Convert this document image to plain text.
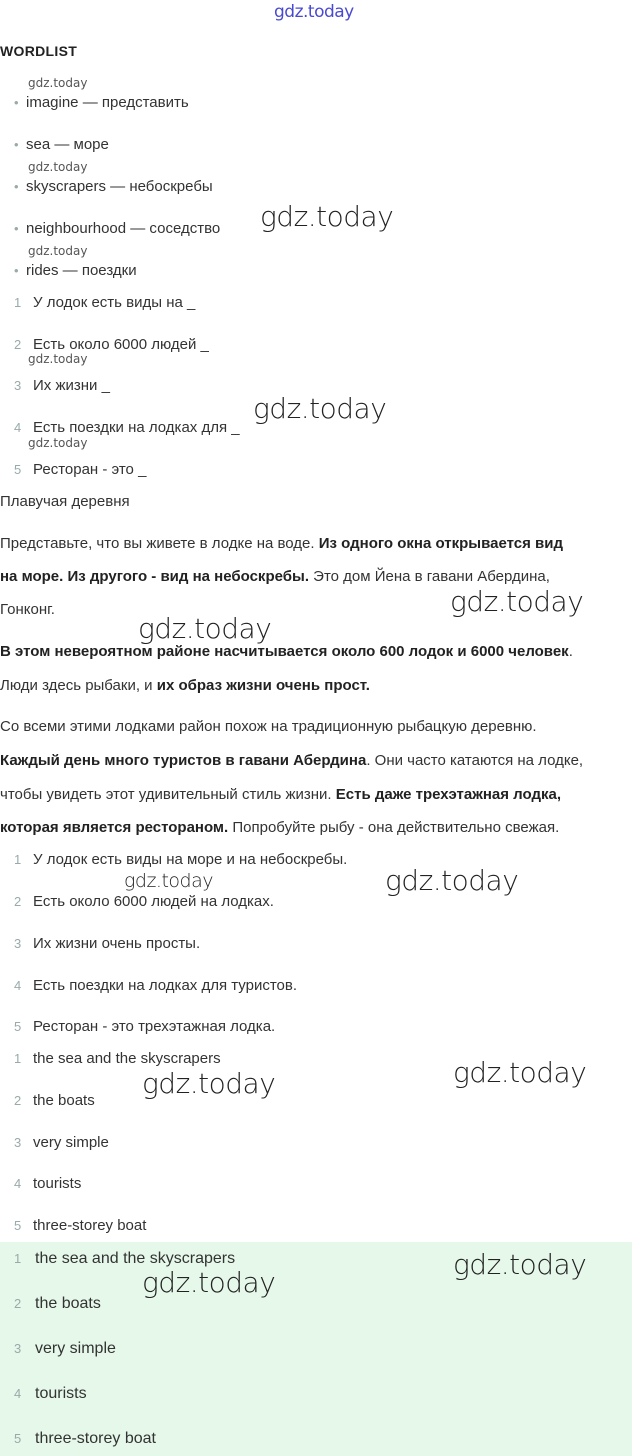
gdz.today
WORDLIST
gdz.today
• imagine — представить
• sea — море
gdz.today
• skyscrapers — небоскребы
• neighbourhood — соседство gdz.today
gdz.today
• rides — поездки
1 У лодок есть виды на _
2 Есть около 6000 людей _
gdz.today
3 Их жизни _
gdz.today
4 Есть поездки на лодках для _
gdz.today
5 Ресторан - это _
Плавучая деревня
Представьте, что вы живете в лодке на воде. Из одного окна открывается вид
на море. Из другого - вид на небоскребы. Это дом Йена в гавани Абердина,
Гонконг.	gdz.today
gdz.today
В этом невероятном районе насчитывается около 600 лодок и 6000 человек.
Люди здесь рыбаки, и их образ жизни очень прост.
Со всеми этими лодками район похож на традиционную рыбацкую деревню.
Каждый день много туристов в гавани Абердина. Они часто катаются на лодке,
чтобы увидеть этот удивительный стиль жизни. Есть даже трехэтажная лодка,
которая является рестораном. Попробуйте рыбу - она действительно свежая.
1 У лодок есть виды на море и на небоскребы.
gdz.today	gdz.today
2 Есть около 6000 людей на лодках.
3 Их жизни очень просты.
4 Есть поездки на лодках для туристов.
5 Ресторан - это трехэтажная лодка.
1 the sea and the skyscrapers
gdz.today	gdz.today
2 the boats
3 very simple
4 tourists
5 three-storey boat
1 the sea and the skyscrapers
gdz.today
gdz.today
2 the boats
3 very simple
4 tourists
5 three-storey boat
